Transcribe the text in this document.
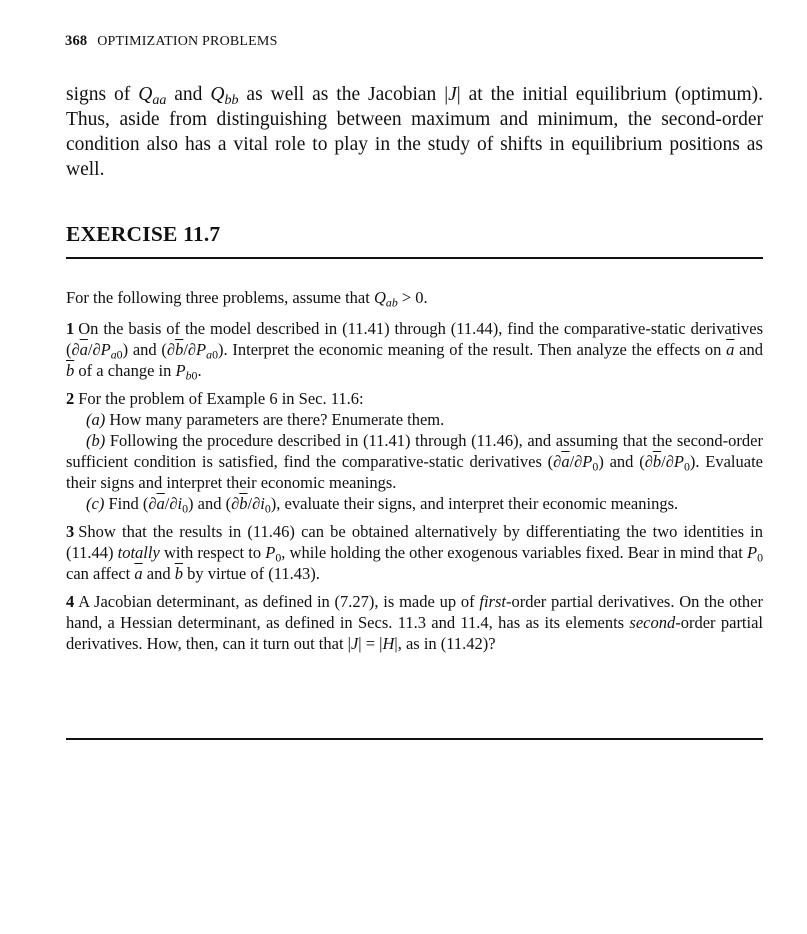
368 OPTIMIZATION PROBLEMS

signs of $Q_{aa}$ and $Q_{bb}$ as well as the Jacobian |J| at the initial equilibrium (optimum). Thus, aside from distinguishing between maximum and minimum, the second-order condition also has a vital role to play in the study of shifts in equilibrium positions as well.

EXERCISE 11.7

For the following three problems, assume that $Q_{ab} > 0$.

1 On the basis of the model described in (11.41) through (11.44), find the comparative-static derivatives $(\partial\overline{a}/\partial P_{a0})$ and $(\partial\overline{b}/\partial P_{a0})$. Interpret the economic meaning of the result. Then analyze the effects on $\overline{a}$ and $\overline{b}$ of a change in $P_{b0}$.

2 For the problem of Example 6 in Sec. 11.6:

(a) How many parameters are there? Enumerate them.

(b) Following the procedure described in (11.41) through (11.46), and assuming that the second-order sufficient condition is satisfied, find the comparative-static derivatives $(\partial\overline{a}/\partial P_0)$ and $(\partial\overline{b}/\partial P_0)$. Evaluate their signs and interpret their economic meanings.

(c) Find $(\partial\overline{a}/\partial i_0)$ and $(\partial\overline{b}/\partial i_0)$, evaluate their signs, and interpret their economic meanings.

3 Show that the results in (11.46) can be obtained alternatively by differentiating the two identities in (11.44) totally with respect to $P_0$, while holding the other exogenous variables fixed. Bear in mind that $P_0$ can affect $\overline{a}$ and $\overline{b}$ by virtue of (11.43).

4 A Jacobian determinant, as defined in (7.27), is made up of first-order partial derivatives. On the other hand, a Hessian determinant, as defined in Secs. 11.3 and 11.4, has as its elements second-order partial derivatives. How, then, can it turn out that |J| = |H|, as in (11.42)?
